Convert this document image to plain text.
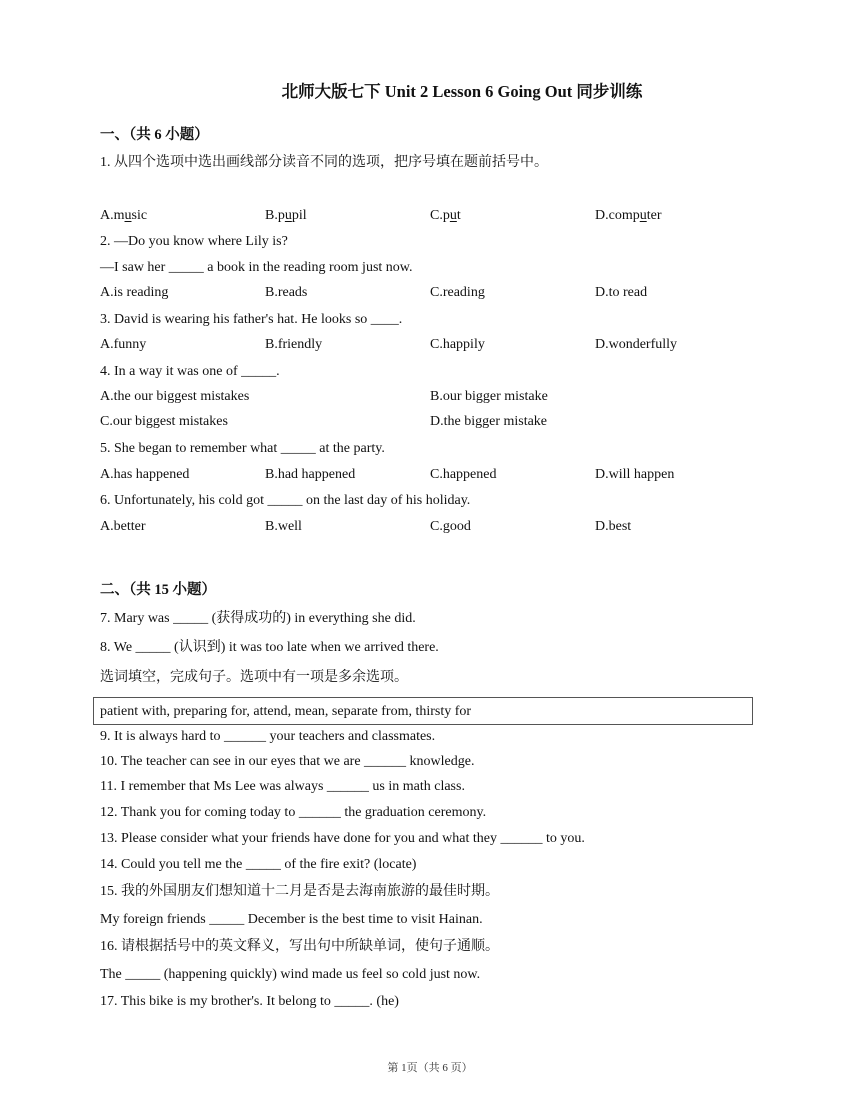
北师大版七下 Unit 2 Lesson 6 Going Out 同步训练
一、（共 6 小题）
1. 从四个选项中选出画线部分读音不同的选项，把序号填在题前括号中。
A.music	B.pupil	C.put	D.computer
2. —Do you know where Lily is?
—I saw her _____ a book in the reading room just now.
A.is reading	B.reads	C.reading	D.to read
3. David is wearing his father's hat. He looks so ____.
A.funny	B.friendly	C.happily	D.wonderfully
4. In a way it was one of _____.
A.the our biggest mistakes	B.our bigger mistake
C.our biggest mistakes	D.the bigger mistake
5. She began to remember what _____ at the party.
A.has happened	B.had happened	C.happened	D.will happen
6. Unfortunately, his cold got _____ on the last day of his holiday.
A.better	B.well	C.good	D.best
二、（共 15 小题）
7. Mary was _____ (获得成功的) in everything she did.
8. We _____ (认识到) it was too late when we arrived there.
选词填空，完成句子。选项中有一项是多余选项。
patient with, preparing for, attend, mean, separate from, thirsty for
9. It is always hard to ______ your teachers and classmates.
10. The teacher can see in our eyes that we are ______ knowledge.
11. I remember that Ms Lee was always ______ us in math class.
12. Thank you for coming today to ______ the graduation ceremony.
13. Please consider what your friends have done for you and what they ______ to you.
14. Could you tell me the _____ of the fire exit? (locate)
15. 我的外国朋友们想知道十二月是否是去海南旅游的最佳时期。
My foreign friends _____ December is the best time to visit Hainan.
16. 请根据括号中的英文释义，写出句中所缺单词，使句子通顺。
The _____ (happening quickly) wind made us feel so cold just now.
17. This bike is my brother's. It belong to _____. (he)
第 1页（共 6 页）
